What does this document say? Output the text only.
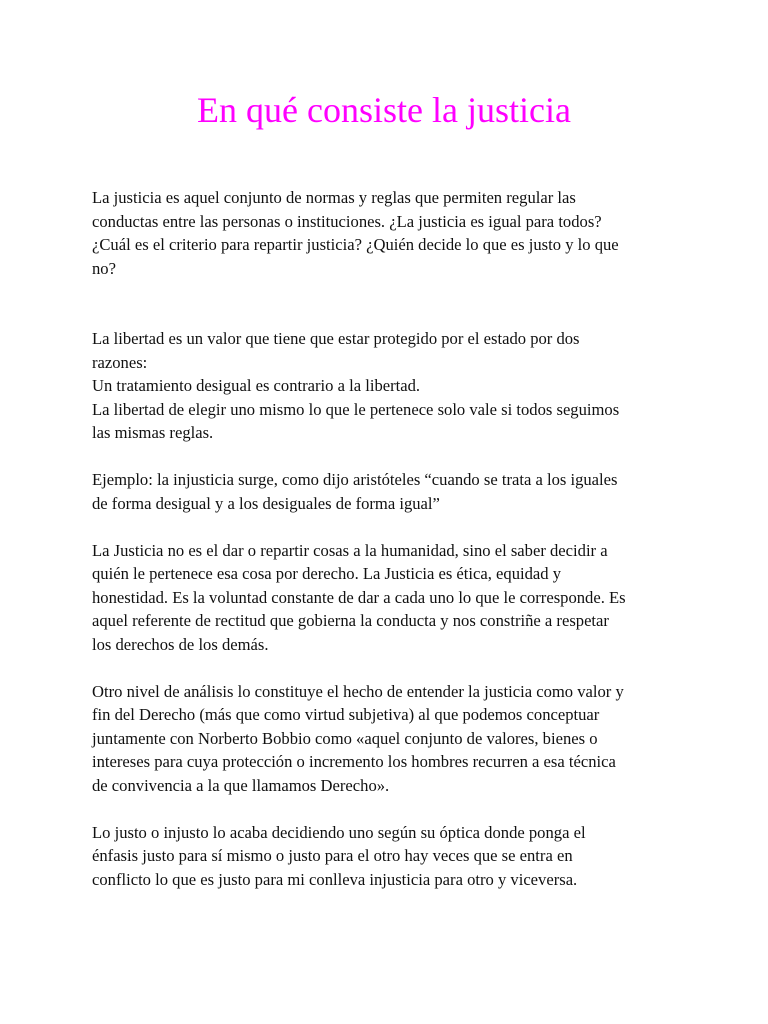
En qué consiste la justicia
La justicia es aquel conjunto de normas y reglas que permiten regular las
conductas entre las personas o instituciones. ¿La justicia es igual para todos?
¿Cuál es el criterio para repartir justicia? ¿Quién decide lo que es justo y lo que
no?
La libertad es un valor que tiene que estar protegido por el estado por dos
razones:
Un tratamiento desigual es contrario a la libertad.
La libertad de elegir uno mismo lo que le pertenece solo vale si todos seguimos
las mismas reglas.
Ejemplo: la injusticia surge, como dijo aristóteles “cuando se trata a los iguales
de forma desigual y a los desiguales de forma igual”
La Justicia no es el dar o repartir cosas a la humanidad, sino el saber decidir a
quién le pertenece esa cosa por derecho. La Justicia es ética, equidad y
honestidad. Es la voluntad constante de dar a cada uno lo que le corresponde. Es
aquel referente de rectitud que gobierna la conducta y nos constriñe a respetar
los derechos de los demás.
Otro nivel de análisis lo constituye el hecho de entender la justicia como valor y
fin del Derecho (más que como virtud subjetiva) al que podemos conceptuar
juntamente con Norberto Bobbio como «aquel conjunto de valores, bienes o
intereses para cuya protección o incremento los hombres recurren a esa técnica
de convivencia a la que llamamos Derecho».
Lo justo o injusto lo acaba decidiendo uno según su óptica donde ponga el
énfasis justo para sí mismo o justo para el otro hay veces que se entra en
conflicto lo que es justo para mi conlleva injusticia para otro y viceversa.
